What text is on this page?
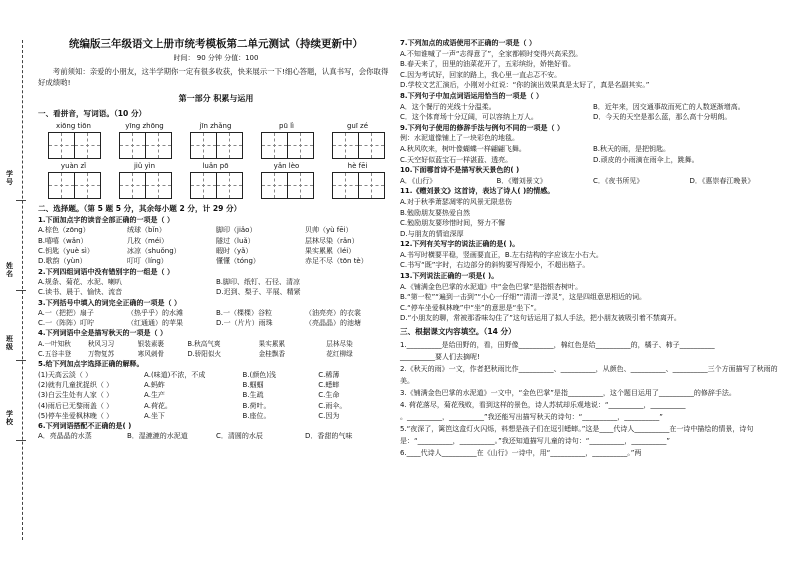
学号
姓名
班级
学校
统编版三年级语文上册市统考模板第二单元测试（持续更新中）
时间： 90 分钟 分值：100
考前须知：亲爱的小朋友，这半学期你一定有很多收获，快来展示一下!细心答题，认真书写，会你取得好成绩哟!
第一部分 积累与运用
一、看拼音，写词语。（10 分）
xiōng tiōn	yīng zhōng	jīn zhǎng	pū lì	guī zé
yuàn zǐ	jiǔ yìn	luǎn pō	yǎn lèo	hè fēi
二、选择题。（第 5 题 5 分，其余每小题 2 分，计 29 分）
1.下面加点字的读音全部正确的一项是（ ）
A.棕色（zōng）	绒球（bǐn）	脚印（jiǎo）	贝帅（yù fēi）
B.嘻嘻（wǎn）	几枚（méi）	隧过（luǎ）	层林尽染（rǎn）
C.钥匙（yuè sì）	冰凉（shuǒng）	暇时（yǎ）	果实累累（léi）
D.歌韵（yùn）	叮叮（líng）	懂懂（tóng）	赤足不尽（tōn tè）
2.下列四组词语中没有错别字的一组是（ ）
A.规条、菊花、水泥、喇叭	B.脚印、纸钉、石径、清凉
C.读书、晨于、愉快、流音	D.迟到、梨子、平展、精紧
3.下列括号中填入的词完全正确的一项是（ ）
A.一（把把）扇子	（热乎乎）的水滩	B.一（棵棵）谷粒	（油亮亮）的衣裳
C.一（阵阵）叮咛	（红通通）的苹果	D.一（片片）雨珠	（亮晶晶）的池塘
4.下列词语中全是描写秋天的一项是（ ）
A.一叶知秋	秋风习习	银装素裹	B.秋高气爽	果实累累	层林尽染
C.五谷丰登	万物复苏	寒风刺骨	D.骄阳似火	金桂飘香	花红柳绿
5.给下列加点字选择正确的解释。
(1)天高云淡（ ）	A.(味道)不浓，不成	B.(颜色)浅	C.稀薄
(2)就有几童扰捉织（ ）	A.蚂蚱	B.蝈蝈	C.蟋蟀
(3)白云生处有人家（ ）	A.生产	B.生疏	C.生命
(4)雨后已无黎雨盖（ ）	A.荷花。	B.荷叶。	C.雨伞。
(5)停车坐爱枫林晚（ ）	A.坐下	B.座位。	C.因为
6.下列词语搭配不正确的是( )
A．亮晶晶的水蒸	B．湿漉漉的水泥道	C．清圆的水辰	D．香甜的气味
7.下列加点的成语使用不正确的一项是（ ）
A.不知谁喊了一声“志得意了”，全家都顿时变得兴高采烈。
B.春天来了，田里的油菜花开了，五彩缤纷，娇艳好看。
C.因为考试好，回家的路上，我心里一直忐忑不安。
D.学校文艺汇演后，小刚对小红说：“你的演出效果真是太好了，真是名副其实。”
8.下列句子中加点词语运用恰当的一项是（ ）
A．这个餐厅的光线十分温柔。	B．近年来，因交通事故而死亡的人数逐渐增高。
C．这个体育场十分辽阔，可以容纳上万人。	D．今天的天空是那么蓝，那么高十分明朗。
9.下列句子使用的修辞手法与例句不同的一项是（ ）
例：水泥道像铺上了一块彩色的地毯。
A.秋风吹来，树叶像蝴蝶一样翩翩飞舞。	B.秋天的雨，是把钥匙。
C.天空好似蓝宝石一样湛蓝、透亮。	D.顽皮的小雨滴在雨伞上，跳舞。
10.下面哪首诗不是描写秋天景色的( )
A．《山行》	B．《赠刘景文》	C．《夜书所见》	D．《惠崇春江晚景》
11.《赠刘景文》这首诗，表达了诗人( )的情感。
A.对于秋季萧瑟凋零的风景无限悲伤
B.勉励朋友要热爱自然
C.勉励朋友要珍惜时间，努力不懈
D.与朋友的情谊深厚
12.下列有关写字的说法正确的是( )。
A.书写时横要平稳，竖画要直正，B.左右结构的字应该左小右大。
C.书写“既”字时，右边部分的斜钩要写得短小，不超出格子。
13.下列说法正确的一项是( )。
A.《铺满金色巴掌的水泥道》中“金色巴掌”是指银杏树叶。
B.“第一粒”“遍到一击到”“小心一仔细”“清清一淳灵”，这是四组意思相近的词。
C.“停车坐爱枫林晚”中“坐”的意思是“坐下”。
D.“小朋友的聊，常被那香味勾住了”这句话运用了拟人手法，把小朋友被吸引着不禁离开。
三、根据课文内容填空。（14 分）
1.__________是给田野的，看，田野像__________，棉红色是给__________的，橘子、柿子__________
__________要人们去摘呢!
2.《秋天的雨》一文，作者把秋雨比作__________、__________，从颜色、__________、__________三个方面描写了秋雨的美。
3.《铺满金色巴掌的水泥道》一文中，“金色巴掌”是指__________，这个题目运用了__________的修辞手法。
4. 荷花落尽，菊花残败，看到这样的景色，诗人苏轼却乐观地说：“__________，__________
。__________，__________”我还能写出描写秋天的诗句：“__________，__________”
5.“夜深了，篱笆这盒灯火闪烁，料想是孩子们在逗引蟋蟀。”这是____代诗人__________在一诗中描绘的情景，诗句是：“__________，__________。”我还知道描写儿童的诗句：“__________，__________”
6.____代诗人__________在《山行》一诗中，用“__________，__________。”两
